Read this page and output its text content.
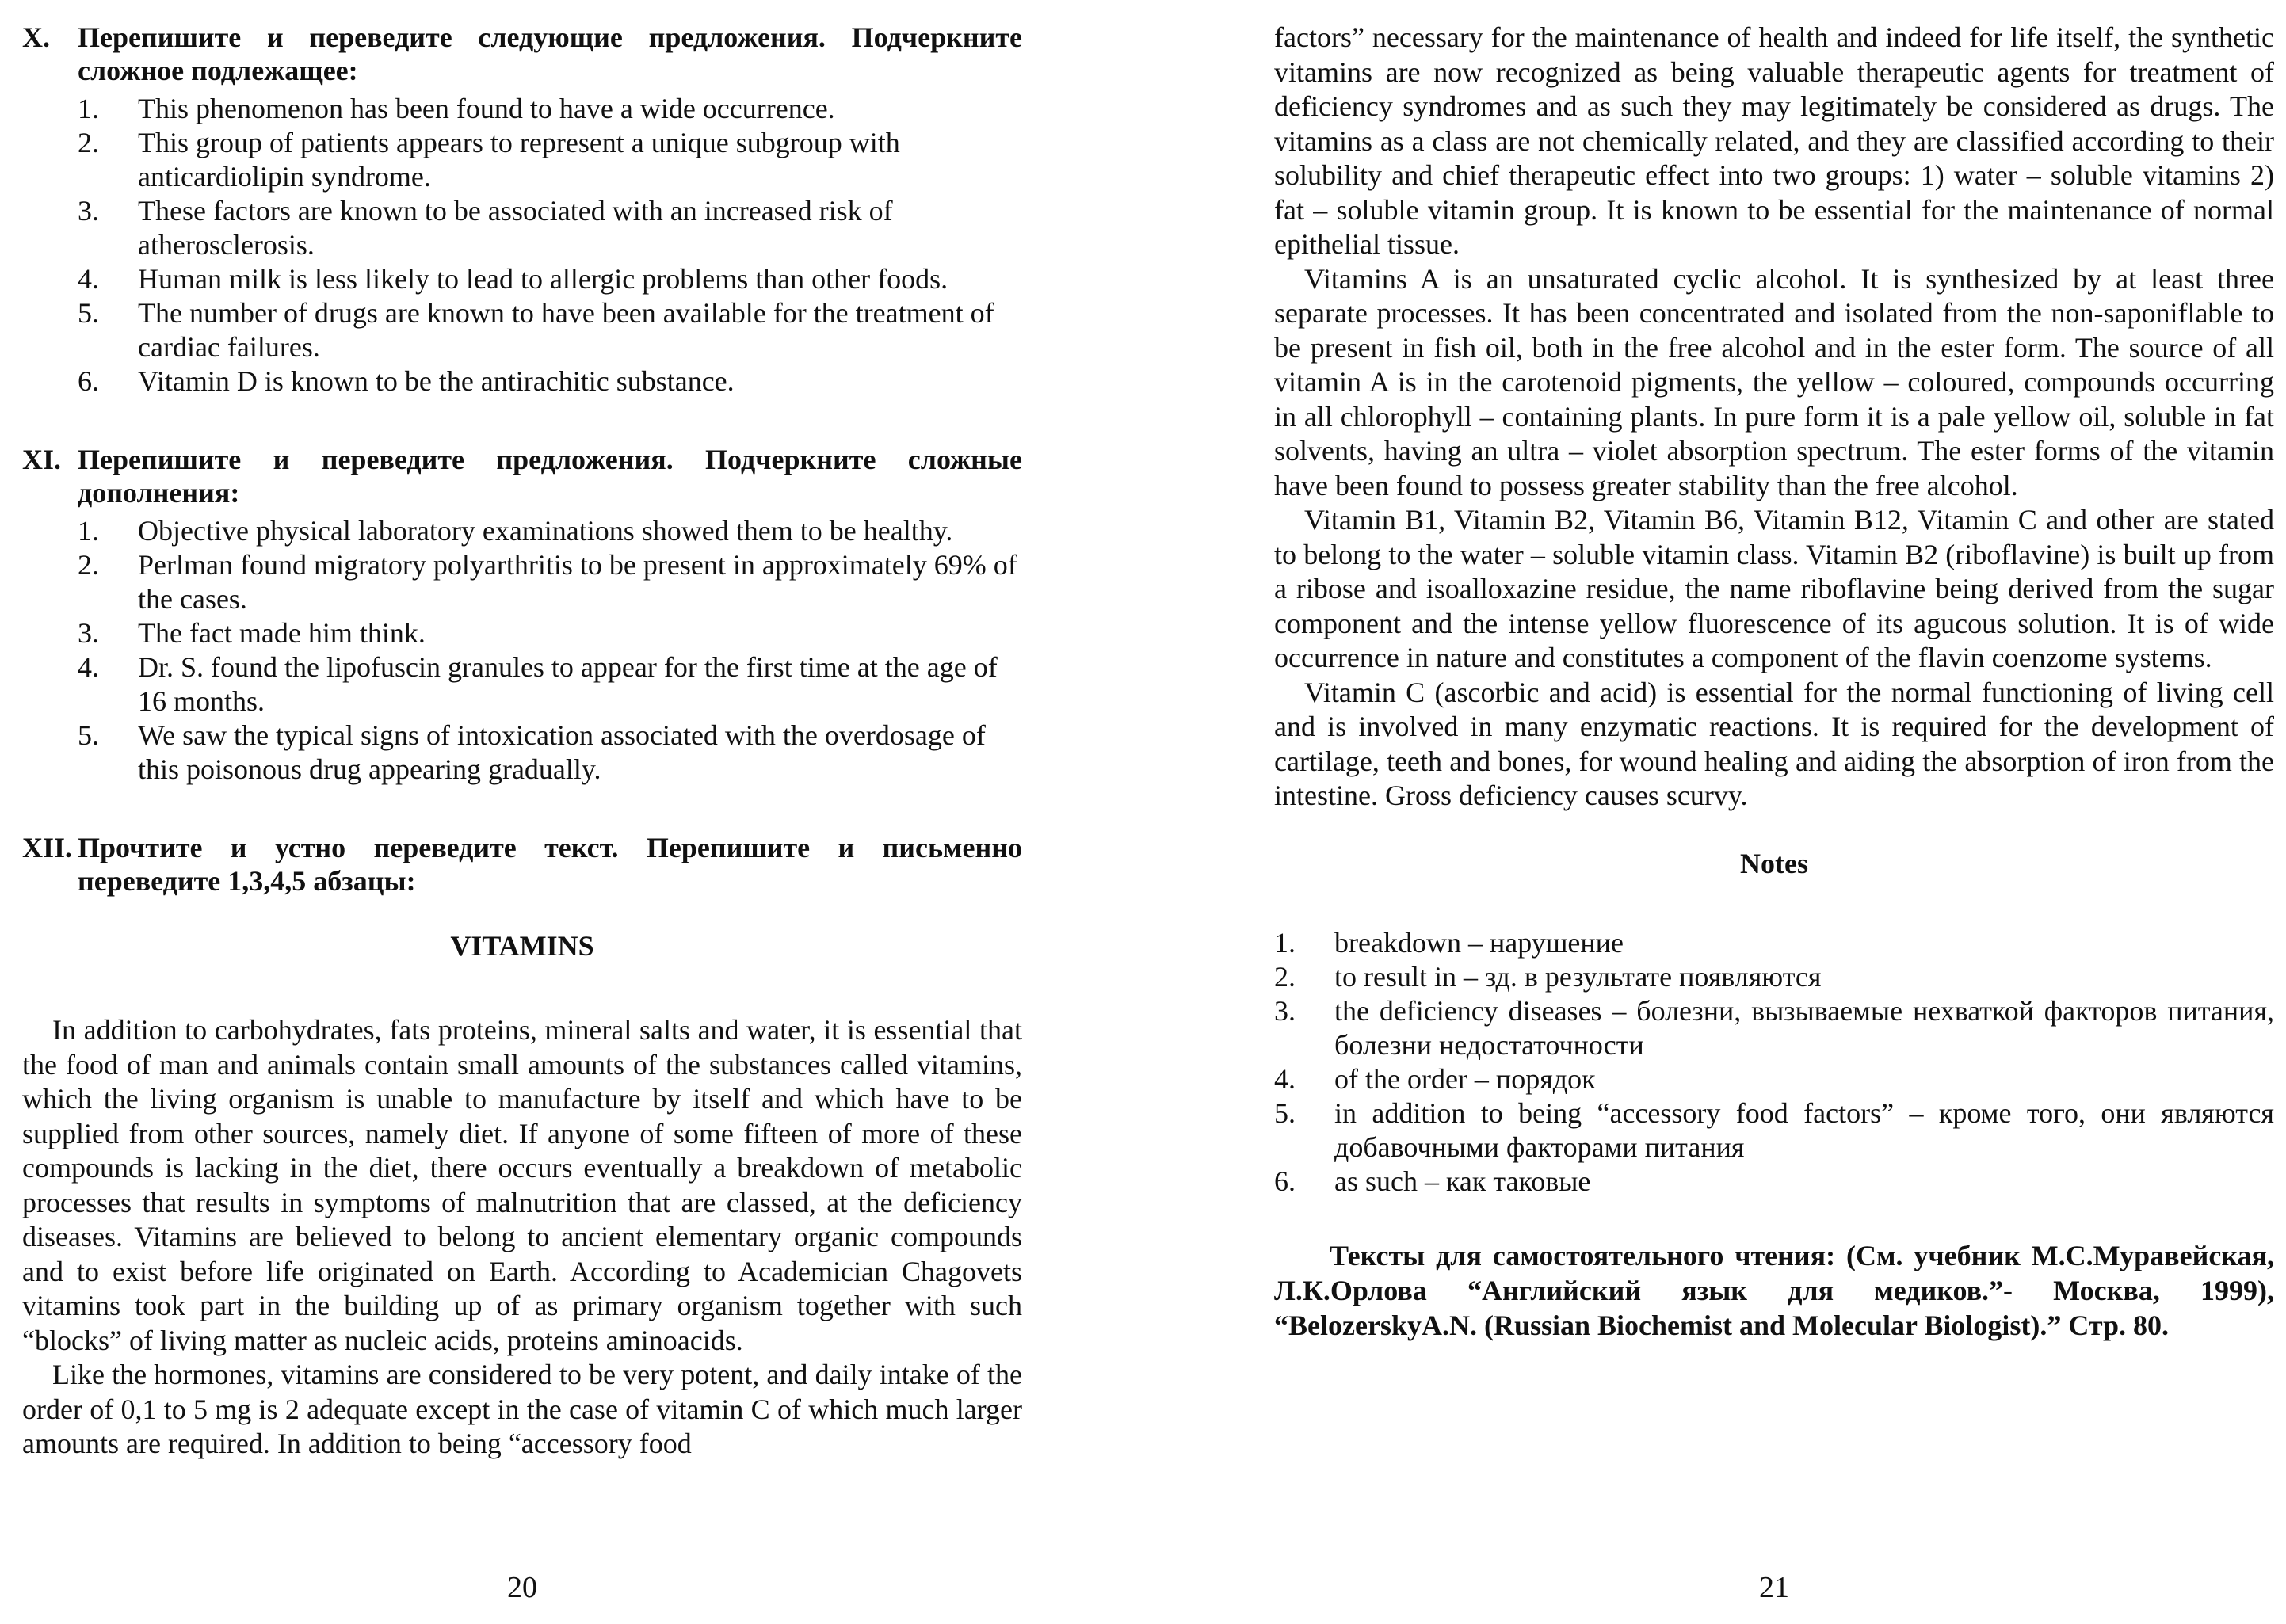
X. Перепишите и переведите следующие предложения. Подчеркните сложное подлежащее:

1.	This phenomenon has been found to have a wide occurrence.
2.	This group of patients appears to represent a unique subgroup with anticardiolipin syndrome.
3.	These factors are known to be associated with an increased risk of atherosclerosis.
4.	Human milk is less likely to lead to allergic problems than other foods.
5.	The number of drugs are known to have been available for the treatment of cardiac failures.
6.	Vitamin D is known to be the antirachitic substance.

XI. Перепишите и переведите предложения. Подчеркните сложные дополнения:

1.	Objective physical laboratory examinations showed them to be healthy.
2.	Perlman found migratory polyarthritis to be present in approximately 69% of the cases.
3.	The fact made him think.
4.	Dr. S. found the lipofuscin granules to appear for the first time at the age of 16 months.
5.	We saw the typical signs of intoxication associated with the overdosage of this poisonous drug appearing gradually.

XII. Прочтите и устно переведите текст. Перепишите и письменно переведите 1,3,4,5 абзацы:

VITAMINS

In addition to carbohydrates, fats proteins, mineral salts and water, it is essential that the food of man and animals contain small amounts of the substances called vitamins, which the living organism is unable to manufacture by itself and which have to be supplied from other sources, namely diet. If anyone of some fifteen of more of these compounds is lacking in the diet, there occurs eventually a breakdown of metabolic processes that results in symptoms of malnutrition that are classed, at the deficiency diseases. Vitamins are believed to belong to ancient elementary organic compounds and to exist before life originated on Earth. According to Academician Chagovets vitamins took part in the building up of as primary organism together with such “blocks” of living matter as nucleic acids, proteins aminoacids.

Like the hormones, vitamins are considered to be very potent, and daily intake of the order of 0,1 to 5 mg is 2 adequate except in the case of vitamin C of which much larger amounts are required. In addition to being “accessory food

20

factors” necessary for the maintenance of health and indeed for life itself, the synthetic vitamins are now recognized as being valuable therapeutic agents for treatment of deficiency syndromes and as such they may legitimately be considered as drugs. The vitamins as a class are not chemically related, and they are classified according to their solubility and chief therapeutic effect into two groups: 1) water – soluble vitamins 2) fat – soluble vitamin group. It is known to be essential for the maintenance of normal epithelial tissue.

Vitamins A is an unsaturated cyclic alcohol. It is synthesized by at least three separate processes. It has been concentrated and isolated from the non-saponiflable to be present in fish oil, both in the free alcohol and in the ester form. The source of all vitamin A is in the carotenoid pigments, the yellow – coloured, compounds occurring in all chlorophyll – containing plants. In pure form it is a pale yellow oil, soluble in fat solvents, having an ultra – violet absorption spectrum. The ester forms of the vitamin have been found to possess greater stability than the free alcohol.

Vitamin B1, Vitamin B2, Vitamin B6, Vitamin B12, Vitamin C and other are stated to belong to the water – soluble vitamin class. Vitamin B2 (riboflavine) is built up from a ribose and isoalloxazine residue, the name riboflavine being derived from the sugar component and the intense yellow fluorescence of its agucous solution. It is of wide occurrence in nature and constitutes a component of the flavin coenzome systems.

Vitamin C (ascorbic and acid) is essential for the normal functioning of living cell and is involved in many enzymatic reactions. It is required for the development of cartilage, teeth and bones, for wound healing and aiding the absorption of iron from the intestine. Gross deficiency causes scurvy.

Notes
1.	breakdown – нарушение
2.	to result in – зд. в результате появляются
3.	the deficiency diseases – болезни, вызываемые нехваткой факторов питания, болезни недостаточности
4.	of the order – порядок
5.	in addition to being “accessory food factors” – кроме того, они являются добавочными факторами питания
6.	as such – как таковые

Тексты для самостоятельного чтения: (См. учебник М.С.Муравейская, Л.К.Орлова “Английский язык для медиков.”- Москва, 1999), “BelozerskyA.N. (Russian Biochemist and Molecular Biologist).” Стр. 80.

21
